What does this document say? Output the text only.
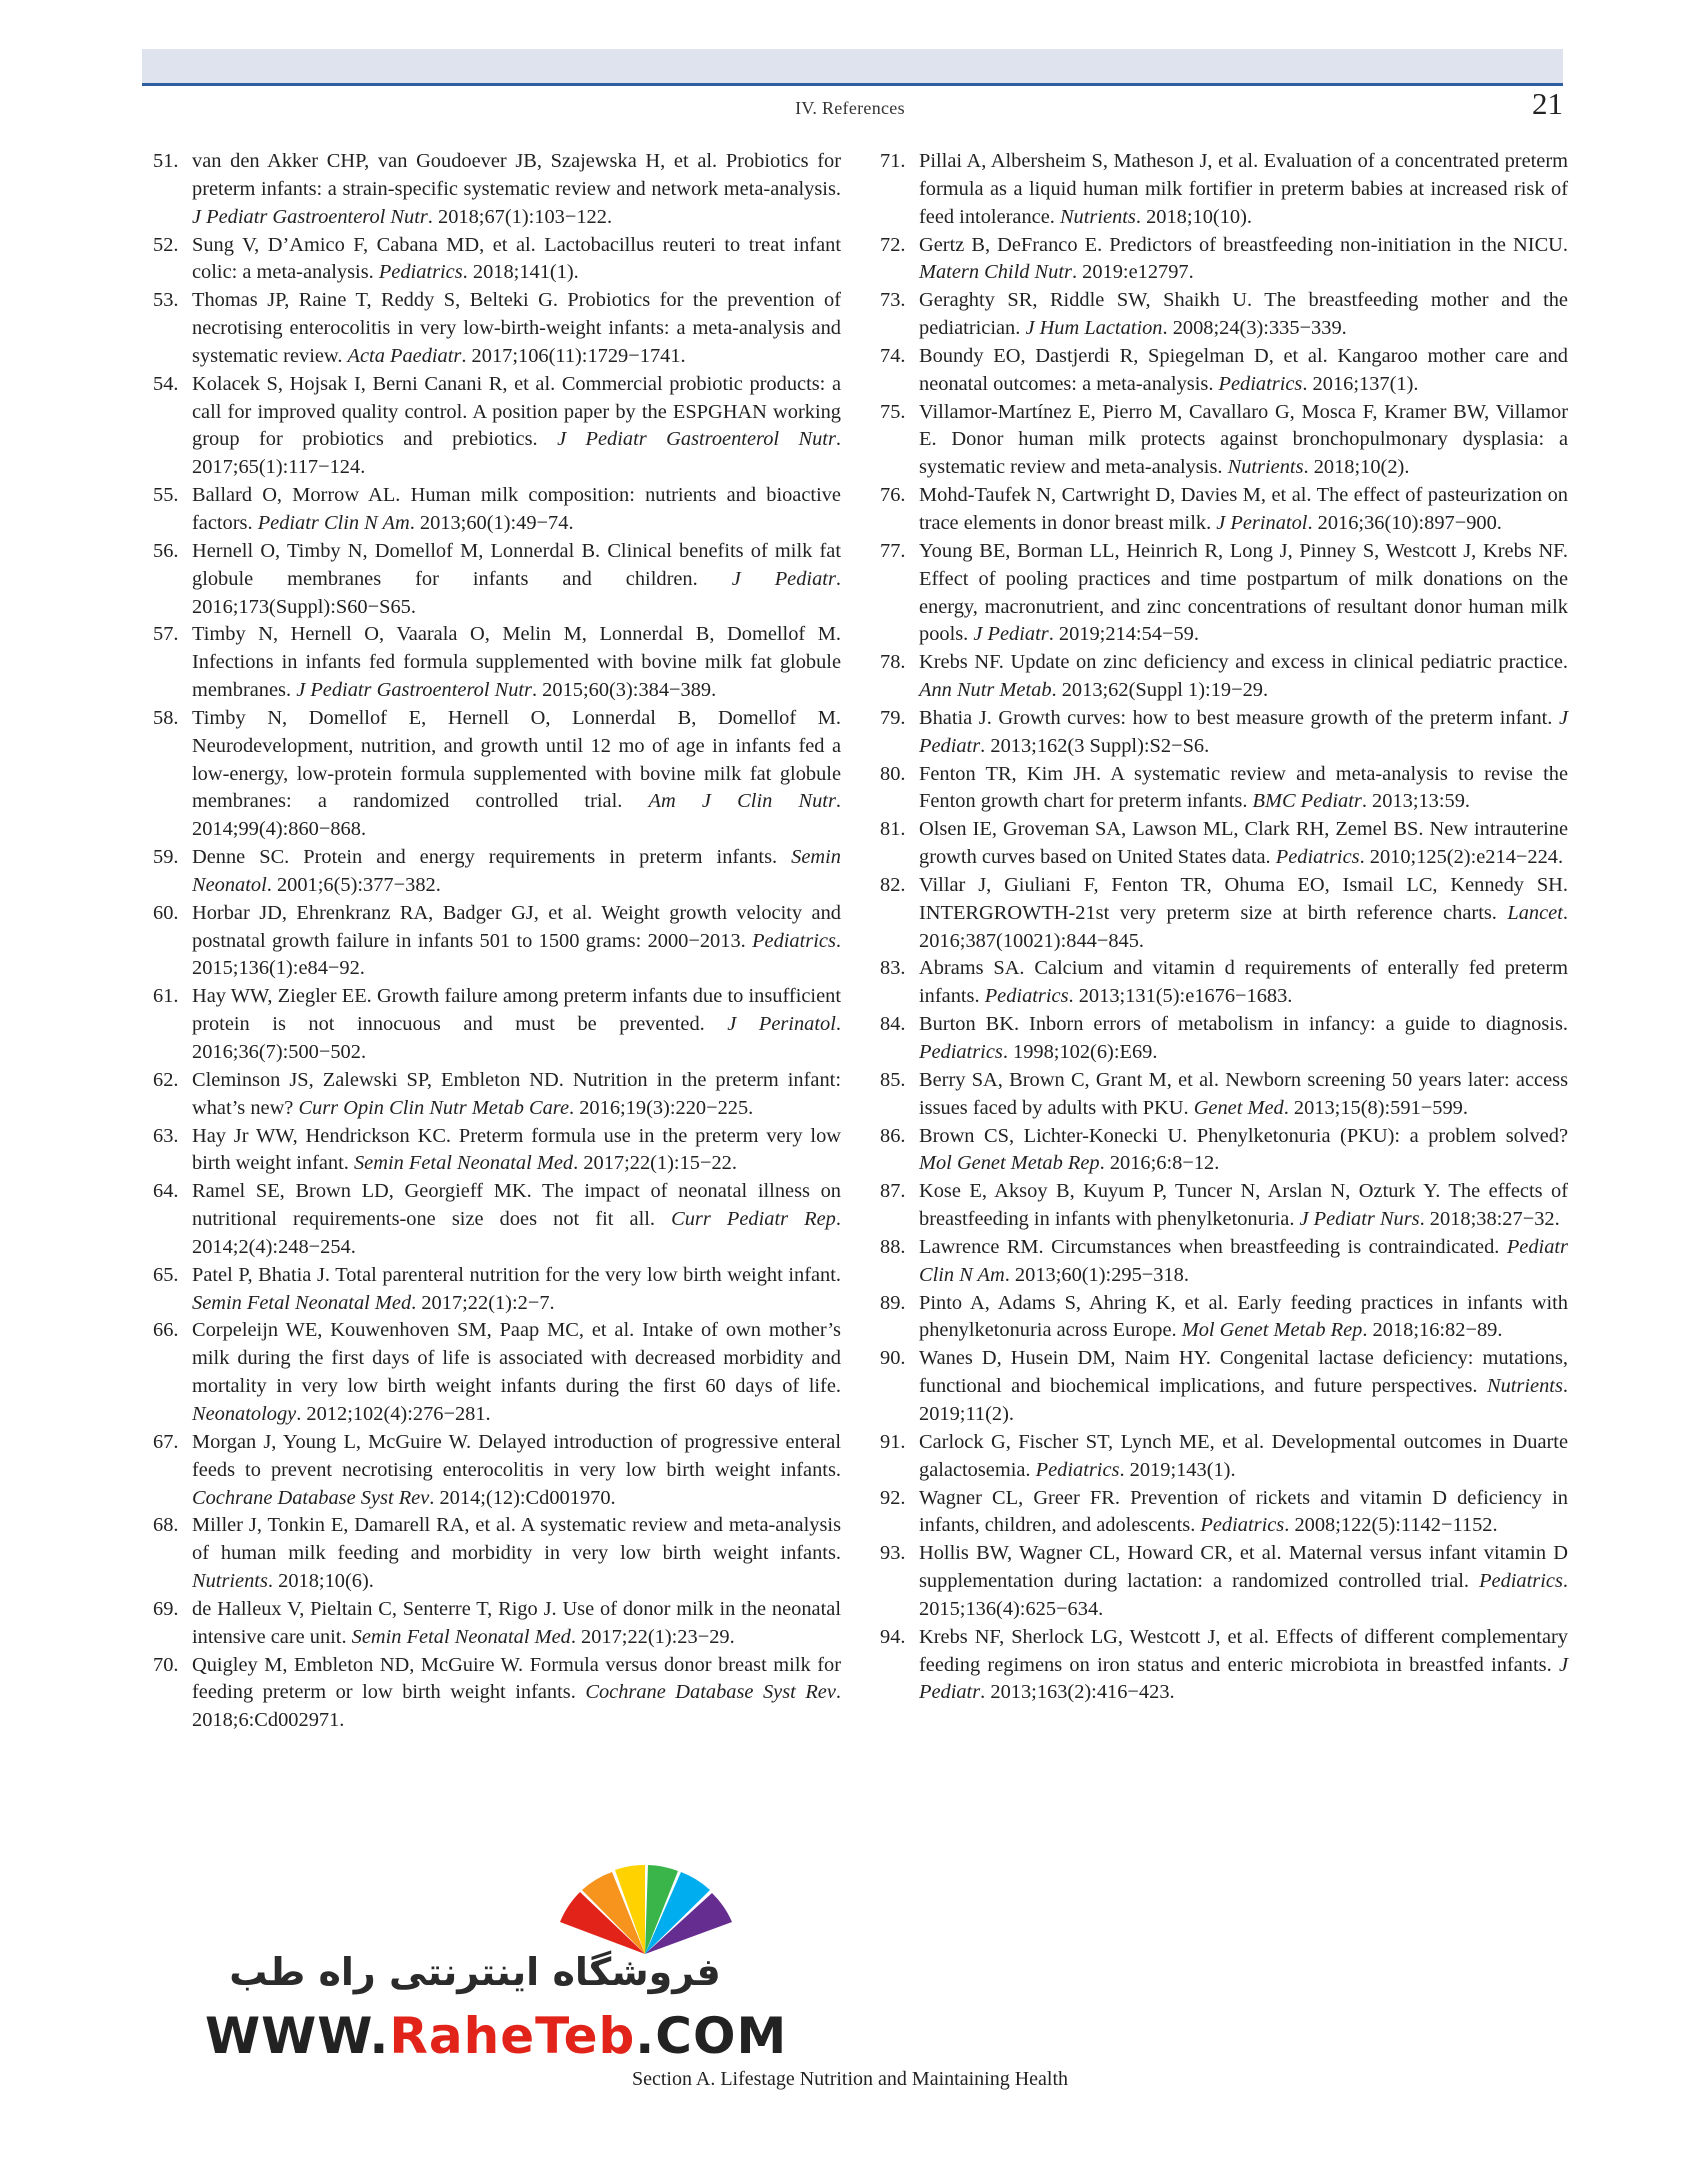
IV. References	21
51. van den Akker CHP, van Goudoever JB, Szajewska H, et al. Probiotics for preterm infants: a strain-specific systematic review and network meta-analysis. J Pediatr Gastroenterol Nutr. 2018;67(1):103−122.
52. Sung V, D’Amico F, Cabana MD, et al. Lactobacillus reuteri to treat infant colic: a meta-analysis. Pediatrics. 2018;141(1).
53. Thomas JP, Raine T, Reddy S, Belteki G. Probiotics for the prevention of necrotising enterocolitis in very low-birth-weight infants: a meta-analysis and systematic review. Acta Paediatr. 2017;106(11):1729−1741.
54. Kolacek S, Hojsak I, Berni Canani R, et al. Commercial probiotic products: a call for improved quality control. A position paper by the ESPGHAN working group for probiotics and prebiotics. J Pediatr Gastroenterol Nutr. 2017;65(1):117−124.
55. Ballard O, Morrow AL. Human milk composition: nutrients and bioactive factors. Pediatr Clin N Am. 2013;60(1):49−74.
56. Hernell O, Timby N, Domellof M, Lonnerdal B. Clinical benefits of milk fat globule membranes for infants and children. J Pediatr. 2016;173(Suppl):S60−S65.
57. Timby N, Hernell O, Vaarala O, Melin M, Lonnerdal B, Domellof M. Infections in infants fed formula supplemented with bovine milk fat globule membranes. J Pediatr Gastroenterol Nutr. 2015;60(3):384−389.
58. Timby N, Domellof E, Hernell O, Lonnerdal B, Domellof M. Neurodevelopment, nutrition, and growth until 12 mo of age in infants fed a low-energy, low-protein formula supplemented with bovine milk fat globule membranes: a randomized controlled trial. Am J Clin Nutr. 2014;99(4):860−868.
59. Denne SC. Protein and energy requirements in preterm infants. Semin Neonatol. 2001;6(5):377−382.
60. Horbar JD, Ehrenkranz RA, Badger GJ, et al. Weight growth velocity and postnatal growth failure in infants 501 to 1500 grams: 2000−2013. Pediatrics. 2015;136(1):e84−92.
61. Hay WW, Ziegler EE. Growth failure among preterm infants due to insufficient protein is not innocuous and must be prevented. J Perinatol. 2016;36(7):500−502.
62. Cleminson JS, Zalewski SP, Embleton ND. Nutrition in the preterm infant: what’s new? Curr Opin Clin Nutr Metab Care. 2016;19(3):220−225.
63. Hay Jr WW, Hendrickson KC. Preterm formula use in the preterm very low birth weight infant. Semin Fetal Neonatal Med. 2017;22(1):15−22.
64. Ramel SE, Brown LD, Georgieff MK. The impact of neonatal illness on nutritional requirements-one size does not fit all. Curr Pediatr Rep. 2014;2(4):248−254.
65. Patel P, Bhatia J. Total parenteral nutrition for the very low birth weight infant. Semin Fetal Neonatal Med. 2017;22(1):2−7.
66. Corpeleijn WE, Kouwenhoven SM, Paap MC, et al. Intake of own mother’s milk during the first days of life is associated with decreased morbidity and mortality in very low birth weight infants during the first 60 days of life. Neonatology. 2012;102(4):276−281.
67. Morgan J, Young L, McGuire W. Delayed introduction of progressive enteral feeds to prevent necrotising enterocolitis in very low birth weight infants. Cochrane Database Syst Rev. 2014;(12):Cd001970.
68. Miller J, Tonkin E, Damarell RA, et al. A systematic review and meta-analysis of human milk feeding and morbidity in very low birth weight infants. Nutrients. 2018;10(6).
69. de Halleux V, Pieltain C, Senterre T, Rigo J. Use of donor milk in the neonatal intensive care unit. Semin Fetal Neonatal Med. 2017;22(1):23−29.
70. Quigley M, Embleton ND, McGuire W. Formula versus donor breast milk for feeding preterm or low birth weight infants. Cochrane Database Syst Rev. 2018;6:Cd002971.
71. Pillai A, Albersheim S, Matheson J, et al. Evaluation of a concentrated preterm formula as a liquid human milk fortifier in preterm babies at increased risk of feed intolerance. Nutrients. 2018;10(10).
72. Gertz B, DeFranco E. Predictors of breastfeeding non-initiation in the NICU. Matern Child Nutr. 2019:e12797.
73. Geraghty SR, Riddle SW, Shaikh U. The breastfeeding mother and the pediatrician. J Hum Lactation. 2008;24(3):335−339.
74. Boundy EO, Dastjerdi R, Spiegelman D, et al. Kangaroo mother care and neonatal outcomes: a meta-analysis. Pediatrics. 2016;137(1).
75. Villamor-Martínez E, Pierro M, Cavallaro G, Mosca F, Kramer BW, Villamor E. Donor human milk protects against bronchopulmonary dysplasia: a systematic review and meta-analysis. Nutrients. 2018;10(2).
76. Mohd-Taufek N, Cartwright D, Davies M, et al. The effect of pasteurization on trace elements in donor breast milk. J Perinatol. 2016;36(10):897−900.
77. Young BE, Borman LL, Heinrich R, Long J, Pinney S, Westcott J, Krebs NF. Effect of pooling practices and time postpartum of milk donations on the energy, macronutrient, and zinc concentrations of resultant donor human milk pools. J Pediatr. 2019;214:54−59.
78. Krebs NF. Update on zinc deficiency and excess in clinical pediatric practice. Ann Nutr Metab. 2013;62(Suppl 1):19−29.
79. Bhatia J. Growth curves: how to best measure growth of the preterm infant. J Pediatr. 2013;162(3 Suppl):S2−S6.
80. Fenton TR, Kim JH. A systematic review and meta-analysis to revise the Fenton growth chart for preterm infants. BMC Pediatr. 2013;13:59.
81. Olsen IE, Groveman SA, Lawson ML, Clark RH, Zemel BS. New intrauterine growth curves based on United States data. Pediatrics. 2010;125(2):e214−224.
82. Villar J, Giuliani F, Fenton TR, Ohuma EO, Ismail LC, Kennedy SH. INTERGROWTH-21st very preterm size at birth reference charts. Lancet. 2016;387(10021):844−845.
83. Abrams SA. Calcium and vitamin d requirements of enterally fed preterm infants. Pediatrics. 2013;131(5):e1676−1683.
84. Burton BK. Inborn errors of metabolism in infancy: a guide to diagnosis. Pediatrics. 1998;102(6):E69.
85. Berry SA, Brown C, Grant M, et al. Newborn screening 50 years later: access issues faced by adults with PKU. Genet Med. 2013;15(8):591−599.
86. Brown CS, Lichter-Konecki U. Phenylketonuria (PKU): a problem solved? Mol Genet Metab Rep. 2016;6:8−12.
87. Kose E, Aksoy B, Kuyum P, Tuncer N, Arslan N, Ozturk Y. The effects of breastfeeding in infants with phenylketonuria. J Pediatr Nurs. 2018;38:27−32.
88. Lawrence RM. Circumstances when breastfeeding is contraindicated. Pediatr Clin N Am. 2013;60(1):295−318.
89. Pinto A, Adams S, Ahring K, et al. Early feeding practices in infants with phenylketonuria across Europe. Mol Genet Metab Rep. 2018;16:82−89.
90. Wanes D, Husein DM, Naim HY. Congenital lactase deficiency: mutations, functional and biochemical implications, and future perspectives. Nutrients. 2019;11(2).
91. Carlock G, Fischer ST, Lynch ME, et al. Developmental outcomes in Duarte galactosemia. Pediatrics. 2019;143(1).
92. Wagner CL, Greer FR. Prevention of rickets and vitamin D deficiency in infants, children, and adolescents. Pediatrics. 2008;122(5):1142−1152.
93. Hollis BW, Wagner CL, Howard CR, et al. Maternal versus infant vitamin D supplementation during lactation: a randomized controlled trial. Pediatrics. 2015;136(4):625−634.
94. Krebs NF, Sherlock LG, Westcott J, et al. Effects of different complementary feeding regimens on iron status and enteric microbiota in breastfed infants. J Pediatr. 2013;163(2):416−423.
فروشگاه اینترنتی راه طب
WWW.RaheTeb.COM
Section A. Lifestage Nutrition and Maintaining Health
